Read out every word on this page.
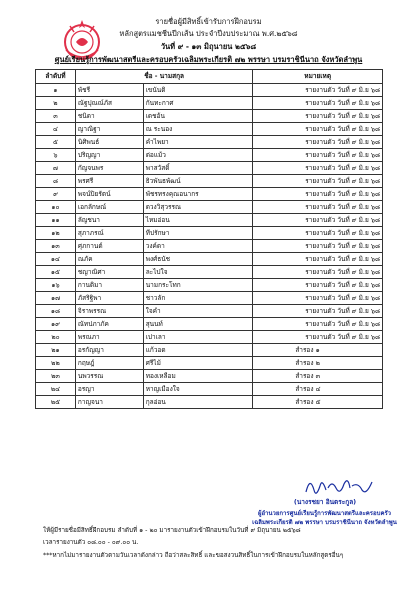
รายชื่อผู้มีสิทธิ์เข้ารับการฝึกอบรม
หลักสูตรแมชชีนปีกเส้น ประจำปีงบประมาณ พ.ศ.๒๕๖๘
วันที่ ๙ - ๑๓ มิถุนายน ๒๕๖๘
ศูนย์เรียนรู้การพัฒนาสตรีและครอบครัวเฉลิมพระเกียรติ ๗๒ พรรษา บรมราชินีนาถ จังหวัดลำพูน
ลำดับที่	ชื่อ - นามสกุล		หมายเหตุ
๑	พัชรี	เขนันติ	รายงานตัว วันที่ ๙ มิ.ย ๖๘
๒	ณัฐปุณณ์ภัส	กันทะกาศ	รายงานตัว วันที่ ๙ มิ.ย ๖๘
๓	ชนิดา	เดชอ้น	รายงานตัว วันที่ ๙ มิ.ย ๖๘
๔	ญาณิฐา	ณ ระนอง	รายงานตัว วันที่ ๙ มิ.ย ๖๘
๕	นิศิพนธ์	คำไพยา	รายงานตัว วันที่ ๙ มิ.ย ๖๘
๖	ปริญญา	ต่อแม้ว	รายงานตัว วันที่ ๙ มิ.ย ๖๘
๗	กัญจนพร	พาสวัสดิ์	รายงานตัว วันที่ ๙ มิ.ย ๖๘
๘	พรศรี	ธิวพันธพัฒน์	รายงานตัว วันที่ ๙ มิ.ย ๖๘
๙	พจน์ปิยรัตน์	พัชรทรงคุณอนากร	รายงานตัว วันที่ ๙ มิ.ย ๖๘
๑๐	เอกลักษณ์	ดวงวิสุวรรณ	รายงานตัว วันที่ ๙ มิ.ย ๖๘
๑๑	ลัญชนา	ไหมอ่อน	รายงานตัว วันที่ ๙ มิ.ย ๖๘
๑๒	สุภาภรณ์	ทีปรักษา	รายงานตัว วันที่ ๙ มิ.ย ๖๘
๑๓	ศุภกานต์	วงค์ดา	รายงานตัว วันที่ ๙ มิ.ย ๖๘
๑๔	ณภัค	พงศ์ธนัช	รายงานตัว วันที่ ๙ มิ.ย ๖๘
๑๕	ชญาณิศา	ละไปใจ	รายงานตัว วันที่ ๙ มิ.ย ๖๘
๑๖	กานติมา	นามกระโทก	รายงานตัว วันที่ ๙ มิ.ย ๖๘
๑๗	ภัสริฐิพา	ชาวลัก	รายงานตัว วันที่ ๙ มิ.ย ๖๘
๑๘	จิราพรรณ	ใจคำ	รายงานตัว วันที่ ๙ มิ.ย ๖๘
๑๙	ณัทปภาภัค	สุนนท์	รายงานตัว วันที่ ๙ มิ.ย ๖๘
๒๐	พรณภา	เปาเลา	รายงานตัว วันที่ ๙ มิ.ย ๖๘
๒๑	อรกัญญา	แก้วอด	สำรอง ๑
๒๒	กฤษฎ์	ศรีไม้	สำรอง ๒
๒๓	นพวรรณ	ทองเหลือม	สำรอง ๓
๒๔	อรญา	หาญเมืองใจ	สำรอง ๔
๒๕	กาญจนา	กุลอ่อน	สำรอง ๕
(นางรชยา อินตระกูล)
ผู้อำนวยการศูนย์เรียนรู้การพัฒนาสตรีและครอบครัว
เฉลิมพระเกียรติ ๗๒ พรรษา บรมราชินีนาถ จังหวัดลำพูน
ให้ผู้มีรายชื่อมีสิทธิ์ฝึกอบรม ลำดับที่ ๑ - ๒๐ มารายงานตัวเข้าฝึกอบรมในวันที่ ๙ มิถุนายน ๒๕๖๘
เวลารายงานตัว ๐๘.๐๐ - ๐๙.๐๐ น.
***หากไม่มารายงานตัวตามวันเวลาดังกล่าว ถือว่าสละสิทธิ์ และขอสงวนสิทธิ์ในการเข้าฝึกอบรมในหลักสูตรอื่นๆ
